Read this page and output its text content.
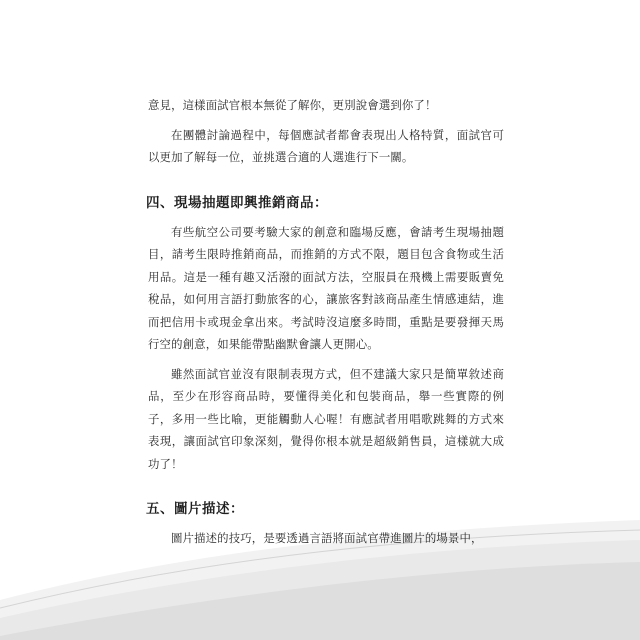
意見，這樣面試官根本無從了解你，更別說會選到你了！

在團體討論過程中，每個應試者都會表現出人格特質，面試官可以更加了解每一位，並挑選合適的人選進行下一關。

四、現場抽題即興推銷商品：

有些航空公司要考驗大家的創意和臨場反應，會請考生現場抽題目，請考生限時推銷商品，而推銷的方式不限，題目包含食物或生活用品。這是一種有趣又活潑的面試方法，空服員在飛機上需要販賣免稅品，如何用言語打動旅客的心，讓旅客對該商品產生情感連結，進而把信用卡或現金拿出來。考試時沒這麼多時間，重點是要發揮天馬行空的創意，如果能帶點幽默會讓人更開心。

雖然面試官並沒有限制表現方式，但不建議大家只是簡單敘述商品，至少在形容商品時，要懂得美化和包裝商品，舉一些實際的例子，多用一些比喻，更能觸動人心喔！有應試者用唱歌跳舞的方式來表現，讓面試官印象深刻，覺得你根本就是超級銷售員，這樣就大成功了！

五、圖片描述：

圖片描述的技巧，是要透過言語將面試官帶進圖片的場景中，
